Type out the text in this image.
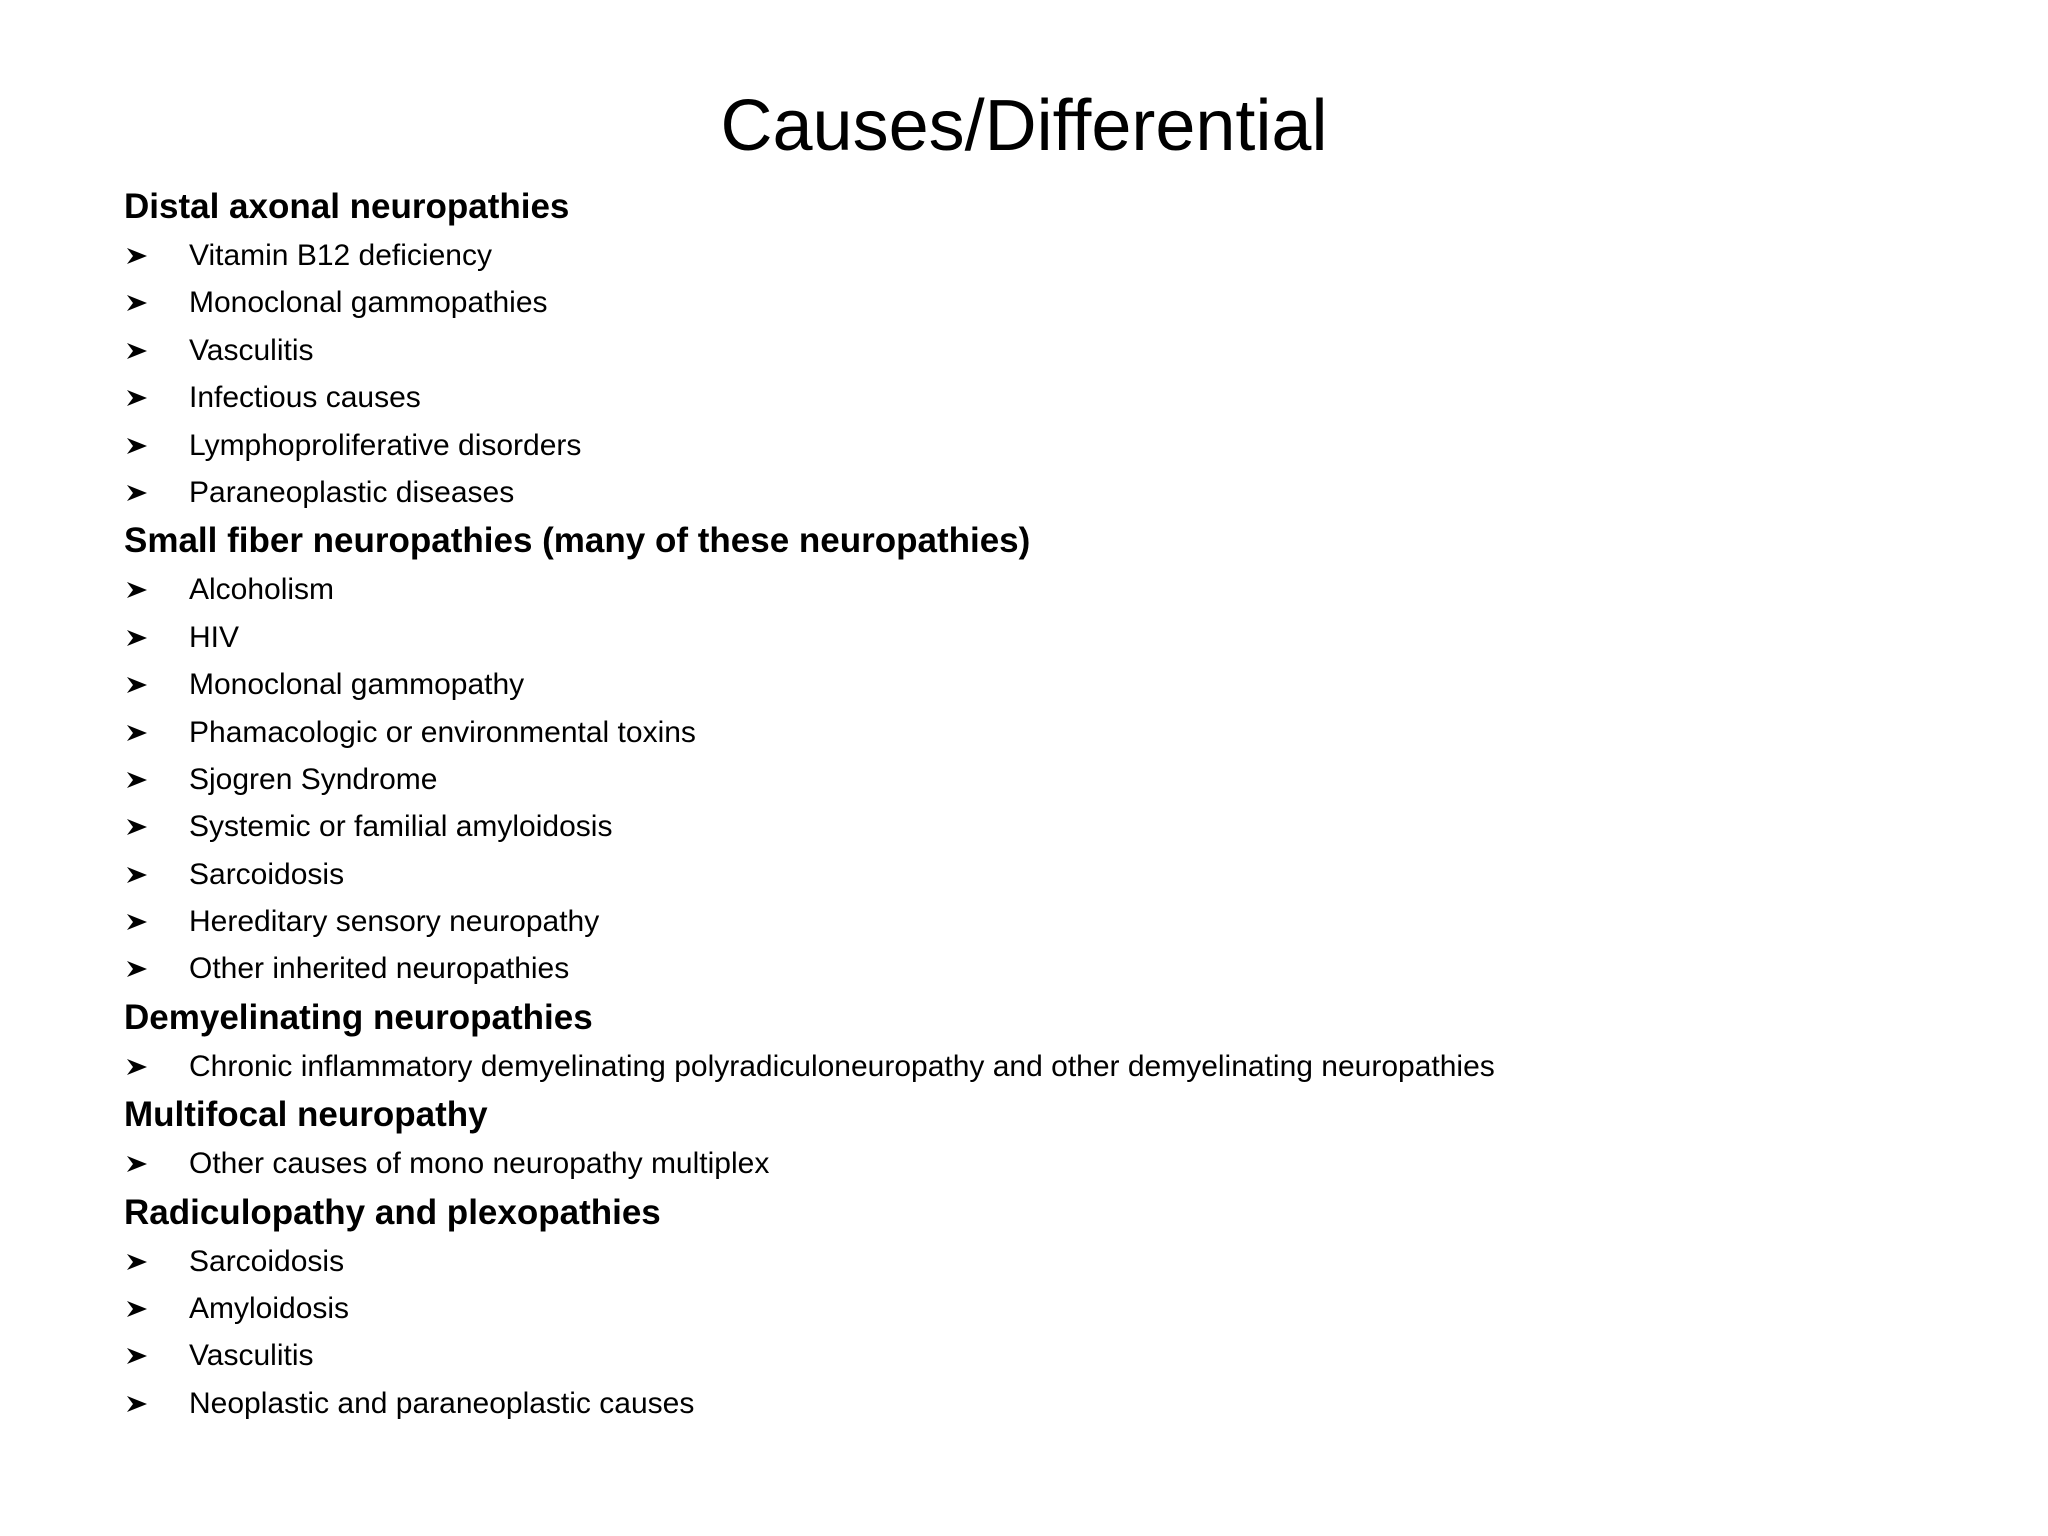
Causes/Differential
Distal axonal neuropathies
Vitamin B12 deficiency
Monoclonal gammopathies
Vasculitis
Infectious causes
Lymphoproliferative disorders
Paraneoplastic diseases
Small fiber neuropathies (many of these neuropathies)
Alcoholism
HIV
Monoclonal gammopathy
Phamacologic or environmental toxins
Sjogren Syndrome
Systemic or familial amyloidosis
Sarcoidosis
Hereditary sensory neuropathy
Other inherited neuropathies
Demyelinating neuropathies
Chronic inflammatory demyelinating polyradiculoneuropathy and other demyelinating neuropathies
Multifocal neuropathy
Other causes of mono neuropathy multiplex
Radiculopathy and plexopathies
Sarcoidosis
Amyloidosis
Vasculitis
Neoplastic and paraneoplastic causes
